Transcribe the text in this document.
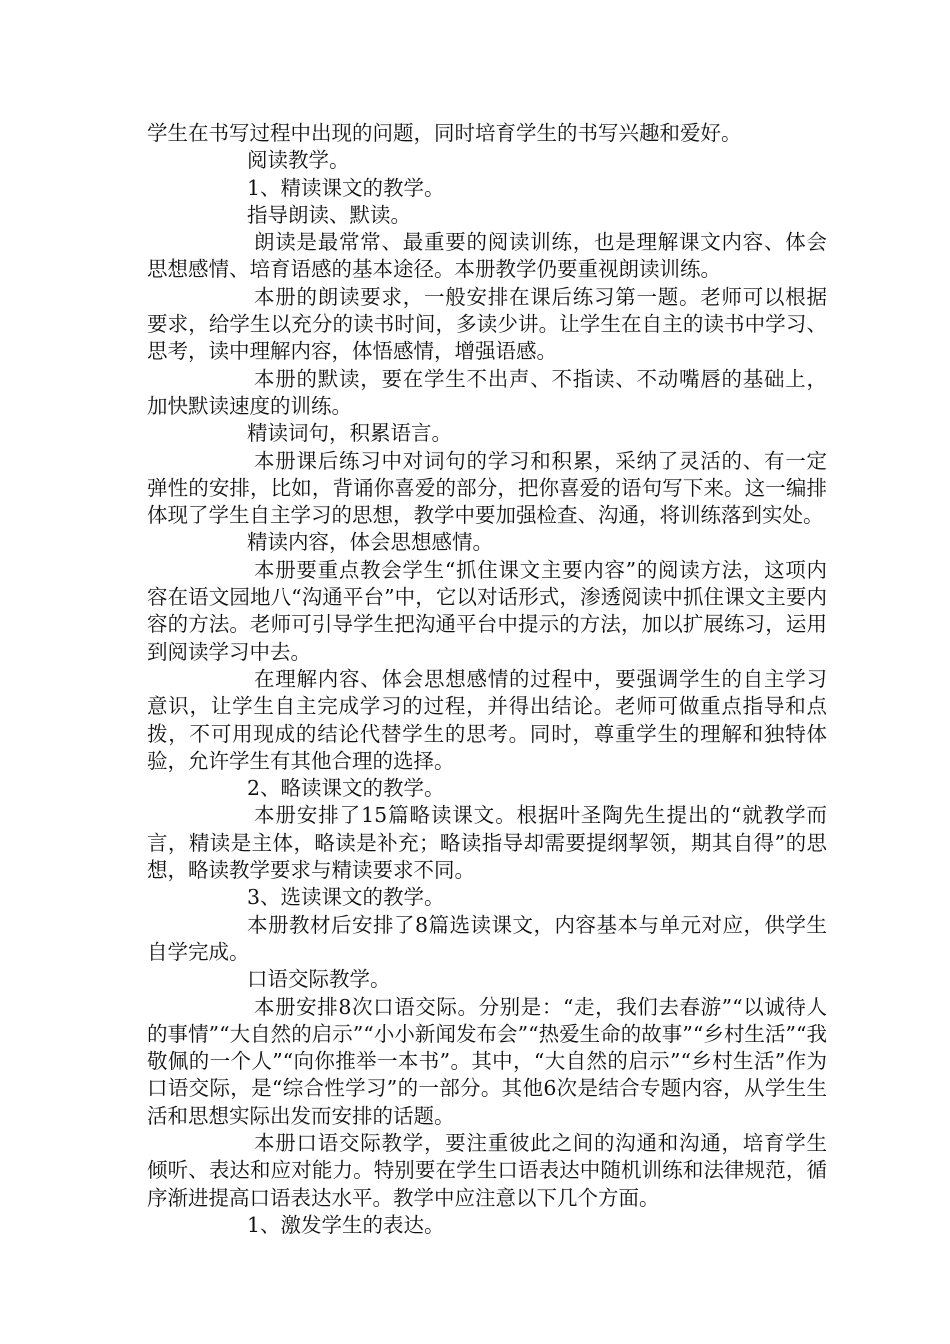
学生在书写过程中出现的问题，同时培育学生的书写兴趣和爱好。

阅读教学。

1、精读课文的教学。

指导朗读、默读。

朗读是最常常、最重要的阅读训练，也是理解课文内容、体会思想感情、培育语感的基本途径。本册教学仍要重视朗读训练。

本册的朗读要求，一般安排在课后练习第一题。老师可以根据要求，给学生以充分的读书时间，多读少讲。让学生在自主的读书中学习、思考，读中理解内容，体悟感情，增强语感。

本册的默读，要在学生不出声、不指读、不动嘴唇的基础上，加快默读速度的训练。

精读词句，积累语言。

本册课后练习中对词句的学习和积累，采纳了灵活的、有一定弹性的安排，比如，背诵你喜爱的部分，把你喜爱的语句写下来。这一编排体现了学生自主学习的思想，教学中要加强检查、沟通，将训练落到实处。

精读内容，体会思想感情。

本册要重点教会学生“抓住课文主要内容”的阅读方法，这项内容在语文园地八“沟通平台”中，它以对话形式，渗透阅读中抓住课文主要内容的方法。老师可引导学生把沟通平台中提示的方法，加以扩展练习，运用到阅读学习中去。

在理解内容、体会思想感情的过程中，要强调学生的自主学习意识，让学生自主完成学习的过程，并得出结论。老师可做重点指导和点拨，不可用现成的结论代替学生的思考。同时，尊重学生的理解和独特体验，允许学生有其他合理的选择。

2、略读课文的教学。

本册安排了15篇略读课文。根据叶圣陶先生提出的“就教学而言，精读是主体，略读是补充；略读指导却需要提纲挈领，期其自得”的思想，略读教学要求与精读要求不同。

3、选读课文的教学。

本册教材后安排了8篇选读课文，内容基本与单元对应，供学生自学完成。

口语交际教学。

本册安排8次口语交际。分别是：“走，我们去春游”“以诚待人的事情”“大自然的启示”“小小新闻发布会”“热爱生命的故事”“乡村生活”“我敬佩的一个人”“向你推举一本书”。其中，“大自然的启示”“乡村生活”作为口语交际，是“综合性学习”的一部分。其他6次是结合专题内容，从学生生活和思想实际出发而安排的话题。

本册口语交际教学，要注重彼此之间的沟通和沟通，培育学生倾听、表达和应对能力。特别要在学生口语表达中随机训练和法律规范，循序渐进提高口语表达水平。教学中应注意以下几个方面。

1、激发学生的表达。
